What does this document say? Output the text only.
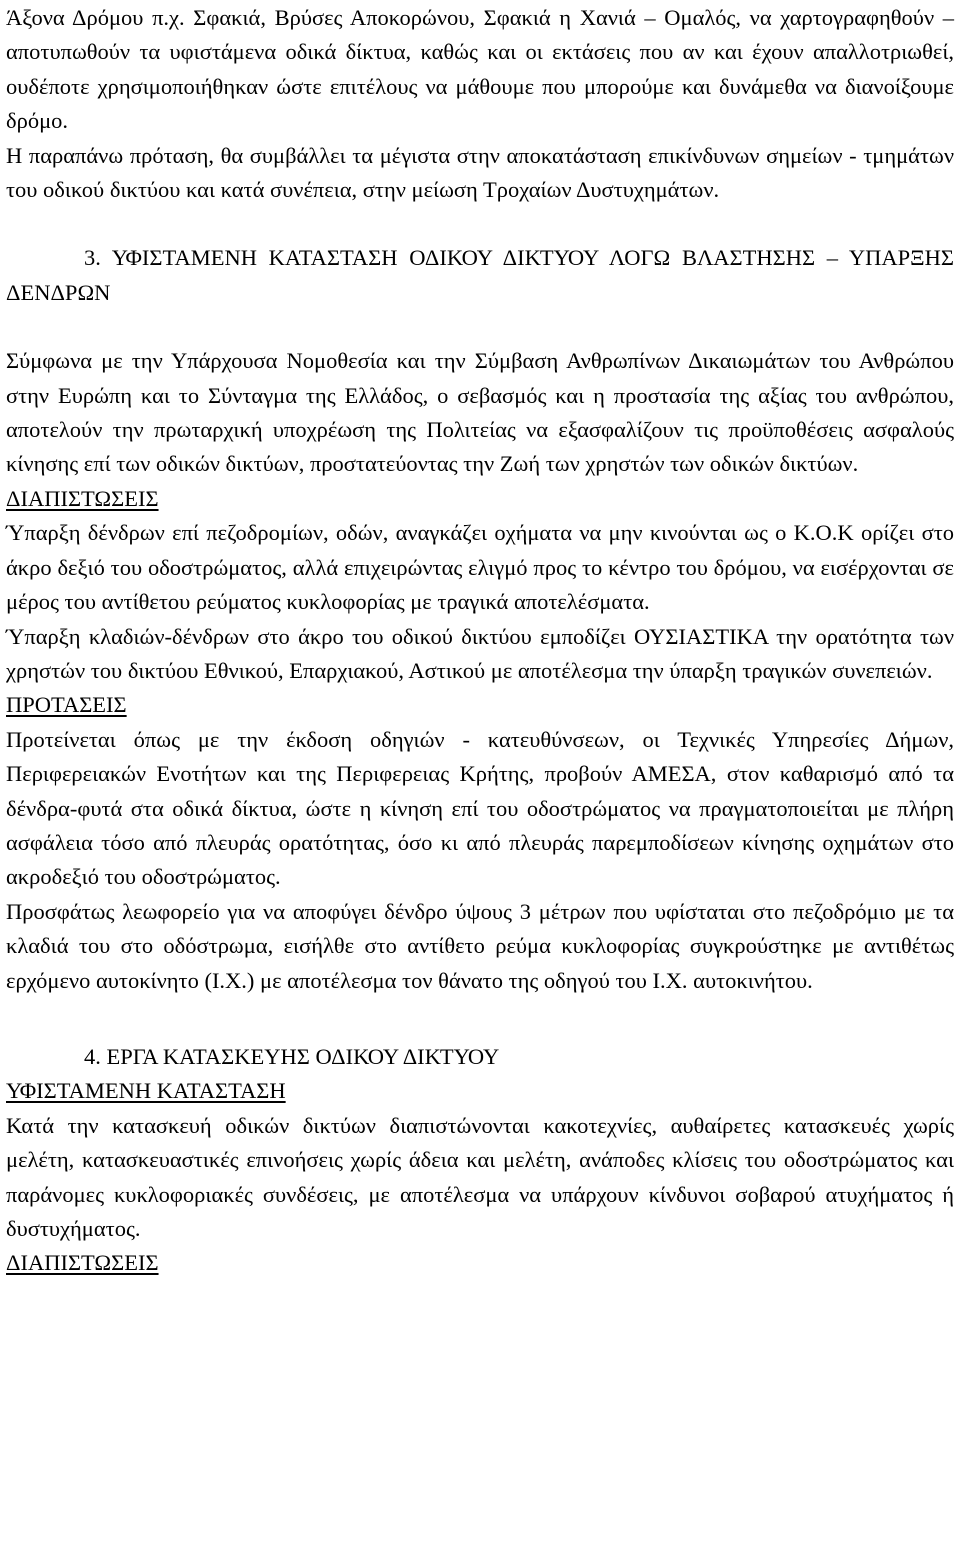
Άξονα Δρόμου π.χ. Σφακιά, Βρύσες Αποκορώνου, Σφακιά η Χανιά – Ομαλός, να χαρτογραφηθούν –αποτυπωθούν τα υφιστάμενα οδικά δίκτυα, καθώς και οι εκτάσεις που αν και έχουν απαλλοτριωθεί, ουδέποτε χρησιμοποιήθηκαν ώστε επιτέλους να μάθουμε που μπορούμε και δυνάμεθα να διανοίξουμε δρόμο.

Η παραπάνω πρόταση, θα συμβάλλει τα μέγιστα στην αποκατάσταση επικίνδυνων σημείων - τμημάτων του οδικού δικτύου και κατά συνέπεια, στην μείωση Τροχαίων Δυστυχημάτων.

3. ΥΦΙΣΤΑΜΕΝΗ ΚΑΤΑΣΤΑΣΗ ΟΔΙΚΟΥ ΔΙΚΤΥΟΥ ΛΟΓΩ ΒΛΑΣΤΗΣΗΣ – ΥΠΑΡΞΗΣ ΔΕΝΔΡΩΝ

Σύμφωνα με την Υπάρχουσα Νομοθεσία και την Σύμβαση Ανθρωπίνων Δικαιωμάτων του Ανθρώπου στην Ευρώπη και το Σύνταγμα της Ελλάδος, ο σεβασμός και η προστασία της αξίας του ανθρώπου, αποτελούν την πρωταρχική υποχρέωση της Πολιτείας να εξασφαλίζουν τις προϋποθέσεις ασφαλούς κίνησης επί των οδικών δικτύων, προστατεύοντας την Ζωή των χρηστών των οδικών δικτύων.

ΔΙΑΠΙΣΤΩΣΕΙΣ

Ύπαρξη δένδρων επί πεζοδρομίων, οδών, αναγκάζει οχήματα να μην κινούνται ως ο Κ.Ο.Κ ορίζει στο άκρο δεξιό του οδοστρώματος, αλλά επιχειρώντας ελιγμό προς το κέντρο του δρόμου, να εισέρχονται σε μέρος του αντίθετου ρεύματος κυκλοφορίας με τραγικά αποτελέσματα.

Ύπαρξη κλαδιών-δένδρων στο άκρο του οδικού δικτύου εμποδίζει ΟΥΣΙΑΣΤΙΚΑ την ορατότητα των χρηστών του δικτύου Εθνικού, Επαρχιακού, Αστικού με αποτέλεσμα την ύπαρξη τραγικών συνεπειών.

ΠΡΟΤΑΣΕΙΣ

Προτείνεται όπως με την έκδοση οδηγιών - κατευθύνσεων, οι Τεχνικές Υπηρεσίες Δήμων, Περιφερειακών Ενοτήτων και της Περιφερειας Κρήτης, προβούν ΑΜΕΣΑ, στον καθαρισμό από τα δένδρα-φυτά στα οδικά δίκτυα, ώστε η κίνηση επί του οδοστρώματος να πραγματοποιείται με πλήρη ασφάλεια τόσο από πλευράς ορατότητας, όσο κι από πλευράς παρεμποδίσεων κίνησης οχημάτων στο ακροδεξιό του οδοστρώματος.

Προσφάτως λεωφορείο για να αποφύγει δένδρο ύψους 3 μέτρων που υφίσταται στο πεζοδρόμιο με τα κλαδιά του στο οδόστρωμα, εισήλθε στο αντίθετο ρεύμα κυκλοφορίας συγκρούστηκε με αντιθέτως ερχόμενο αυτοκίνητο (Ι.Χ.) με αποτέλεσμα τον θάνατο της οδηγού του Ι.Χ. αυτοκινήτου.

4. ΕΡΓΑ ΚΑΤΑΣΚΕΥΗΣ ΟΔΙΚΟΥ ΔΙΚΤΥΟΥ

ΥΦΙΣΤΑΜΕΝΗ ΚΑΤΑΣΤΑΣΗ

Κατά την κατασκευή οδικών δικτύων διαπιστώνονται κακοτεχνίες, αυθαίρετες κατασκευές χωρίς μελέτη, κατασκευαστικές επινοήσεις χωρίς άδεια και μελέτη, ανάποδες κλίσεις του οδοστρώματος και παράνομες κυκλοφοριακές συνδέσεις, με αποτέλεσμα να υπάρχουν κίνδυνοι σοβαρού ατυχήματος ή δυστυχήματος.

ΔΙΑΠΙΣΤΩΣΕΙΣ
